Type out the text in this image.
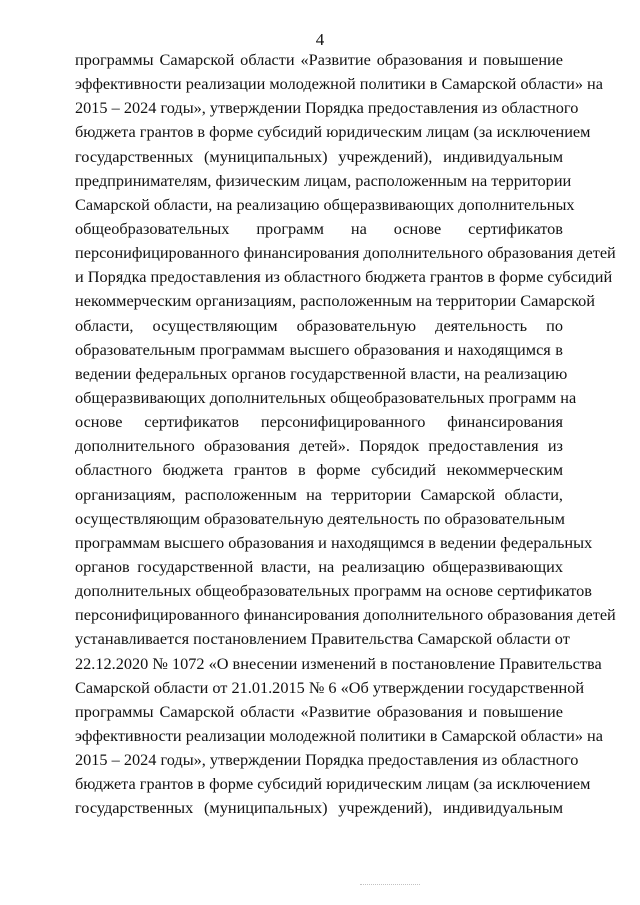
4
программы Самарской области «Развитие образования и повышение
эффективности реализации молодежной политики в Самарской области» на
2015 – 2024 годы», утверждении Порядка предоставления из областного
бюджета грантов в форме субсидий юридическим лицам (за исключением
государственных (муниципальных) учреждений), индивидуальным
предпринимателям, физическим лицам, расположенным на территории
Самарской области, на реализацию общеразвивающих дополнительных
общеобразовательных программ на основе сертификатов
персонифицированного финансирования дополнительного образования детей
и Порядка предоставления из областного бюджета грантов в форме субсидий
некоммерческим организациям, расположенным на территории Самарской
области, осуществляющим образовательную деятельность по
образовательным программам высшего образования и находящимся в
ведении федеральных органов государственной власти, на реализацию
общеразвивающих дополнительных общеобразовательных программ на
основе сертификатов персонифицированного финансирования
дополнительного образования детей». Порядок предоставления из
областного бюджета грантов в форме субсидий некоммерческим
организациям, расположенным на территории Самарской области,
осуществляющим образовательную деятельность по образовательным
программам высшего образования и находящимся в ведении федеральных
органов государственной власти, на реализацию общеразвивающих
дополнительных общеобразовательных программ на основе сертификатов
персонифицированного финансирования дополнительного образования детей
устанавливается постановлением Правительства Самарской области от
22.12.2020 № 1072 «О внесении изменений в постановление Правительства
Самарской области от 21.01.2015 № 6 «Об утверждении государственной
программы Самарской области «Развитие образования и повышение
эффективности реализации молодежной политики в Самарской области» на
2015 – 2024 годы», утверждении Порядка предоставления из областного
бюджета грантов в форме субсидий юридическим лицам (за исключением
государственных (муниципальных) учреждений), индивидуальным
